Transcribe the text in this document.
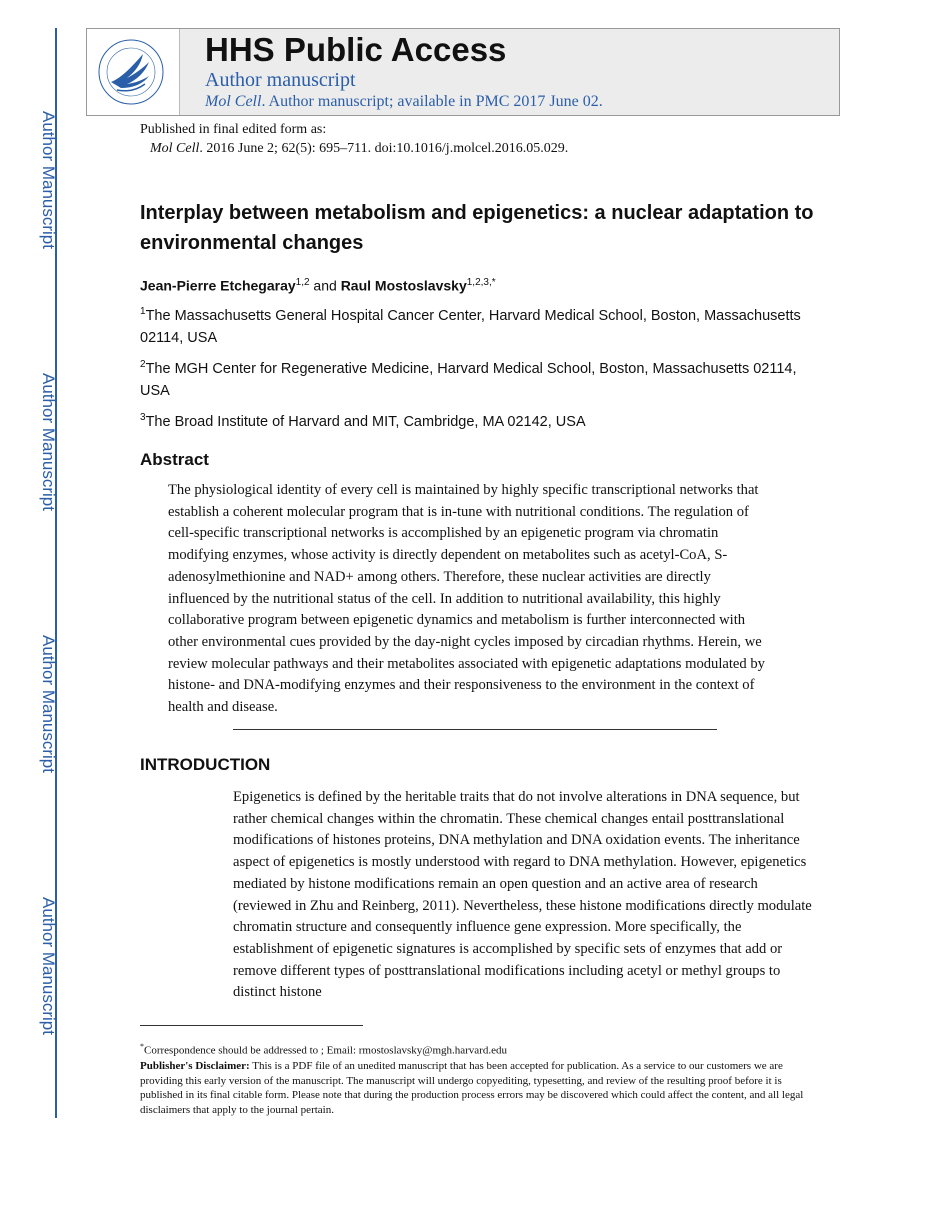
Author Manuscript
Author Manuscript
Author Manuscript
Author Manuscript
HHS Public Access
Author manuscript
Mol Cell. Author manuscript; available in PMC 2017 June 02.
Published in final edited form as:
Mol Cell. 2016 June 2; 62(5): 695–711. doi:10.1016/j.molcel.2016.05.029.
Interplay between metabolism and epigenetics: a nuclear adaptation to environmental changes
Jean-Pierre Etchegaray$^{1,2}$ and Raul Mostoslavsky$^{1,2,3,*}$
$^1$The Massachusetts General Hospital Cancer Center, Harvard Medical School, Boston, Massachusetts 02114, USA
$^2$The MGH Center for Regenerative Medicine, Harvard Medical School, Boston, Massachusetts 02114, USA
$^3$The Broad Institute of Harvard and MIT, Cambridge, MA 02142, USA
Abstract
The physiological identity of every cell is maintained by highly specific transcriptional networks that establish a coherent molecular program that is in-tune with nutritional conditions. The regulation of cell-specific transcriptional networks is accomplished by an epigenetic program via chromatin modifying enzymes, whose activity is directly dependent on metabolites such as acetyl-CoA, S-adenosylmethionine and NAD+ among others. Therefore, these nuclear activities are directly influenced by the nutritional status of the cell. In addition to nutritional availability, this highly collaborative program between epigenetic dynamics and metabolism is further interconnected with other environmental cues provided by the day-night cycles imposed by circadian rhythms. Herein, we review molecular pathways and their metabolites associated with epigenetic adaptations modulated by histone- and DNA-modifying enzymes and their responsiveness to the environment in the context of health and disease.
INTRODUCTION
Epigenetics is defined by the heritable traits that do not involve alterations in DNA sequence, but rather chemical changes within the chromatin. These chemical changes entail posttranslational modifications of histones proteins, DNA methylation and DNA oxidation events. The inheritance aspect of epigenetics is mostly understood with regard to DNA methylation. However, epigenetics mediated by histone modifications remain an open question and an active area of research (reviewed in Zhu and Reinberg, 2011). Nevertheless, these histone modifications directly modulate chromatin structure and consequently influence gene expression. More specifically, the establishment of epigenetic signatures is accomplished by specific sets of enzymes that add or remove different types of posttranslational modifications including acetyl or methyl groups to distinct histone
*Correspondence should be addressed to ; Email: rmostoslavsky@mgh.harvard.edu
Publisher's Disclaimer: This is a PDF file of an unedited manuscript that has been accepted for publication. As a service to our customers we are providing this early version of the manuscript. The manuscript will undergo copyediting, typesetting, and review of the resulting proof before it is published in its final citable form. Please note that during the production process errors may be discovered which could affect the content, and all legal disclaimers that apply to the journal pertain.
